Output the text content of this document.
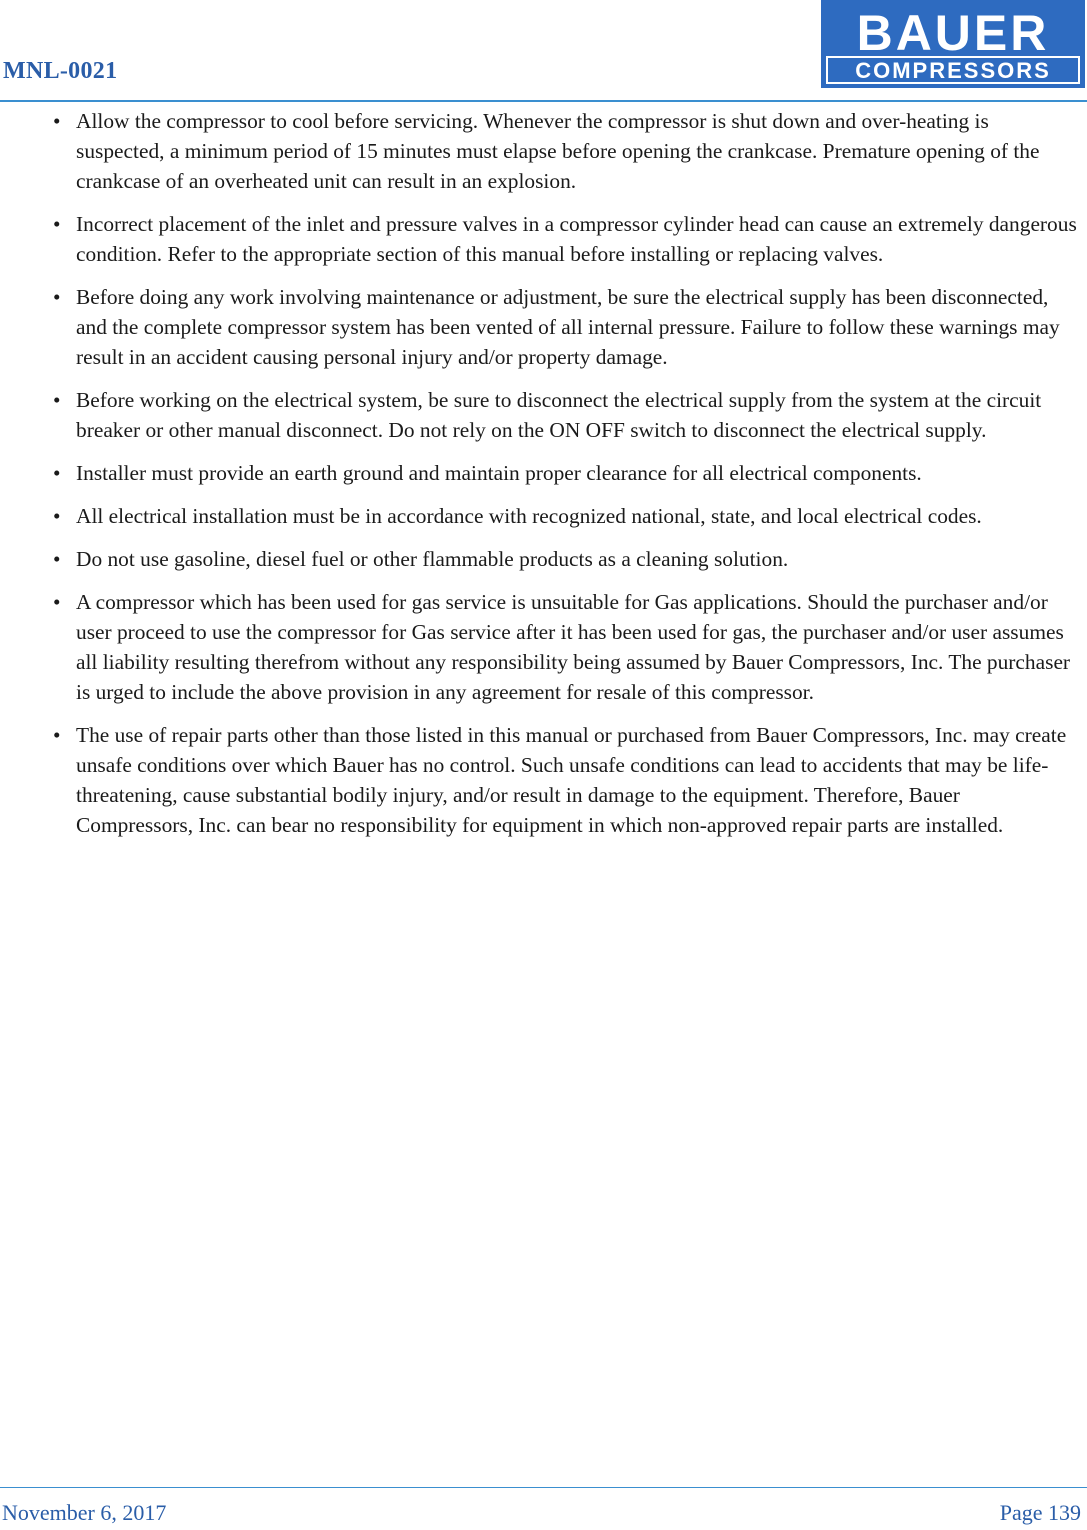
MNL-0021
BAUER
COMPRESSORS
• Allow the compressor to cool before servicing. Whenever the compressor is shut down and over-heating is suspected, a minimum period of 15 minutes must elapse before opening the crankcase. Premature opening of the crankcase of an overheated unit can result in an explosion.
• Incorrect placement of the inlet and pressure valves in a compressor cylinder head can cause an extremely dangerous condition. Refer to the appropriate section of this manual before installing or replacing valves.
• Before doing any work involving maintenance or adjustment, be sure the electrical supply has been disconnected, and the complete compressor system has been vented of all internal pressure. Failure to follow these warnings may result in an accident causing personal injury and/or property damage.
• Before working on the electrical system, be sure to disconnect the electrical supply from the system at the circuit breaker or other manual disconnect. Do not rely on the ON OFF switch to disconnect the electrical supply.
• Installer must provide an earth ground and maintain proper clearance for all electrical components.
• All electrical installation must be in accordance with recognized national, state, and local electrical codes.
• Do not use gasoline, diesel fuel or other flammable products as a cleaning solution.
• A compressor which has been used for gas service is unsuitable for Gas applications. Should the purchaser and/or user proceed to use the compressor for Gas service after it has been used for gas, the purchaser and/or user assumes all liability resulting therefrom without any responsibility being assumed by Bauer Compressors, Inc. The purchaser is urged to include the above provision in any agreement for resale of this compressor.
• The use of repair parts other than those listed in this manual or purchased from Bauer Compressors, Inc. may create unsafe conditions over which Bauer has no control. Such unsafe conditions can lead to accidents that may be life-threatening, cause substantial bodily injury, and/or result in damage to the equipment. Therefore, Bauer Compressors, Inc. can bear no responsibility for equipment in which non-approved repair parts are installed.
November 6, 2017	Page 139
